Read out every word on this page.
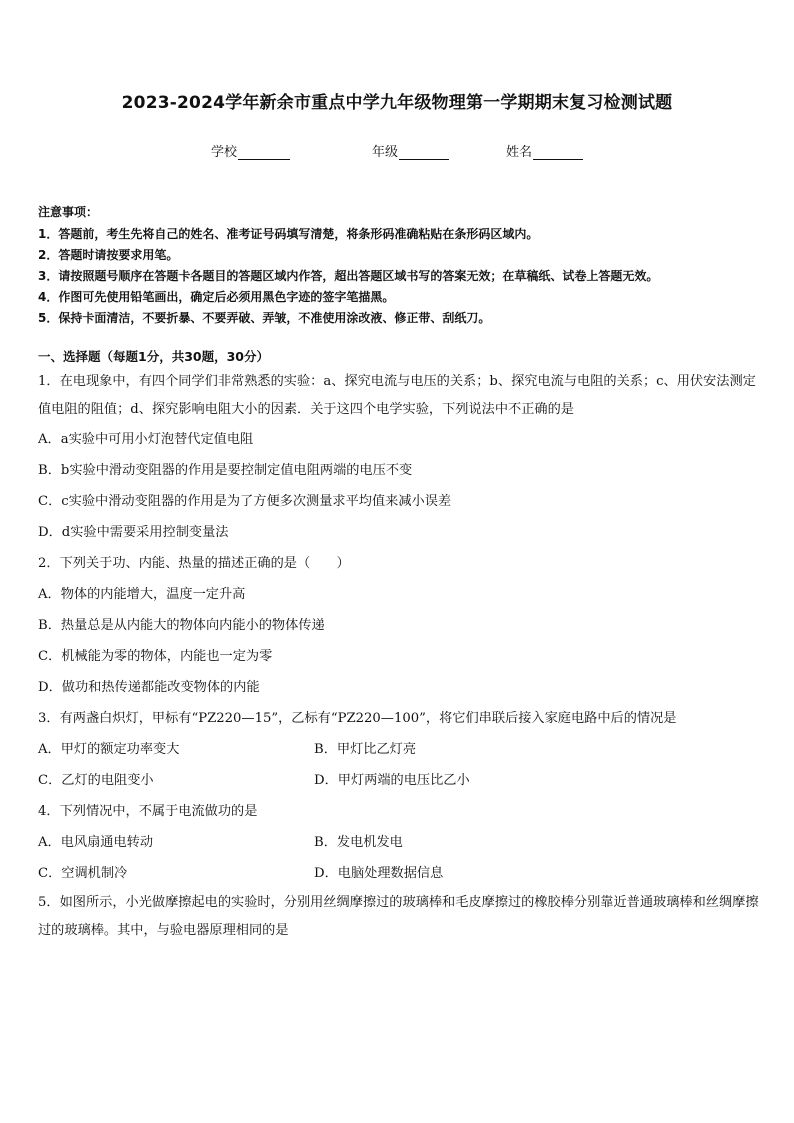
2023-2024学年新余市重点中学九年级物理第一学期期末复习检测试题
学校	年级	姓名
注意事项：
1．答题前，考生先将自己的姓名、准考证号码填写清楚，将条形码准确粘贴在条形码区域内。
2．答题时请按要求用笔。
3．请按照题号顺序在答题卡各题目的答题区域内作答，超出答题区域书写的答案无效；在草稿纸、试卷上答题无效。
4．作图可先使用铅笔画出，确定后必须用黑色字迹的签字笔描黑。
5．保持卡面清洁，不要折暴、不要弄破、弄皱，不准使用涂改液、修正带、刮纸刀。
一、选择题（每题1分，共30题，30分）
1．在电现象中，有四个同学们非常熟悉的实验：a、探究电流与电压的关系；b、探究电流与电阻的关系；c、用伏安法测定值电阻的阻值；d、探究影响电阻大小的因素．关于这四个电学实验，下列说法中不正确的是
A．a实验中可用小灯泡替代定值电阻
B．b实验中滑动变阻器的作用是要控制定值电阻两端的电压不变
C．c实验中滑动变阻器的作用是为了方便多次测量求平均值来减小误差
D．d实验中需要采用控制变量法
2．下列关于功、内能、热量的描述正确的是（　　）
A．物体的内能增大，温度一定升高
B．热量总是从内能大的物体向内能小的物体传递
C．机械能为零的物体，内能也一定为零
D．做功和热传递都能改变物体的内能
3．有两盏白炽灯，甲标有“PZ220—15”，乙标有“PZ220—100”，将它们串联后接入家庭电路中后的情况是
A．甲灯的额定功率变大	B．甲灯比乙灯亮
C．乙灯的电阻变小	D．甲灯两端的电压比乙小
4．下列情况中，不属于电流做功的是
A．电风扇通电转动	B．发电机发电
C．空调机制冷	D．电脑处理数据信息
5．如图所示，小光做摩擦起电的实验时，分别用丝绸摩擦过的玻璃棒和毛皮摩擦过的橡胶棒分别靠近普通玻璃棒和丝绸摩擦过的玻璃棒。其中，与验电器原理相同的是
